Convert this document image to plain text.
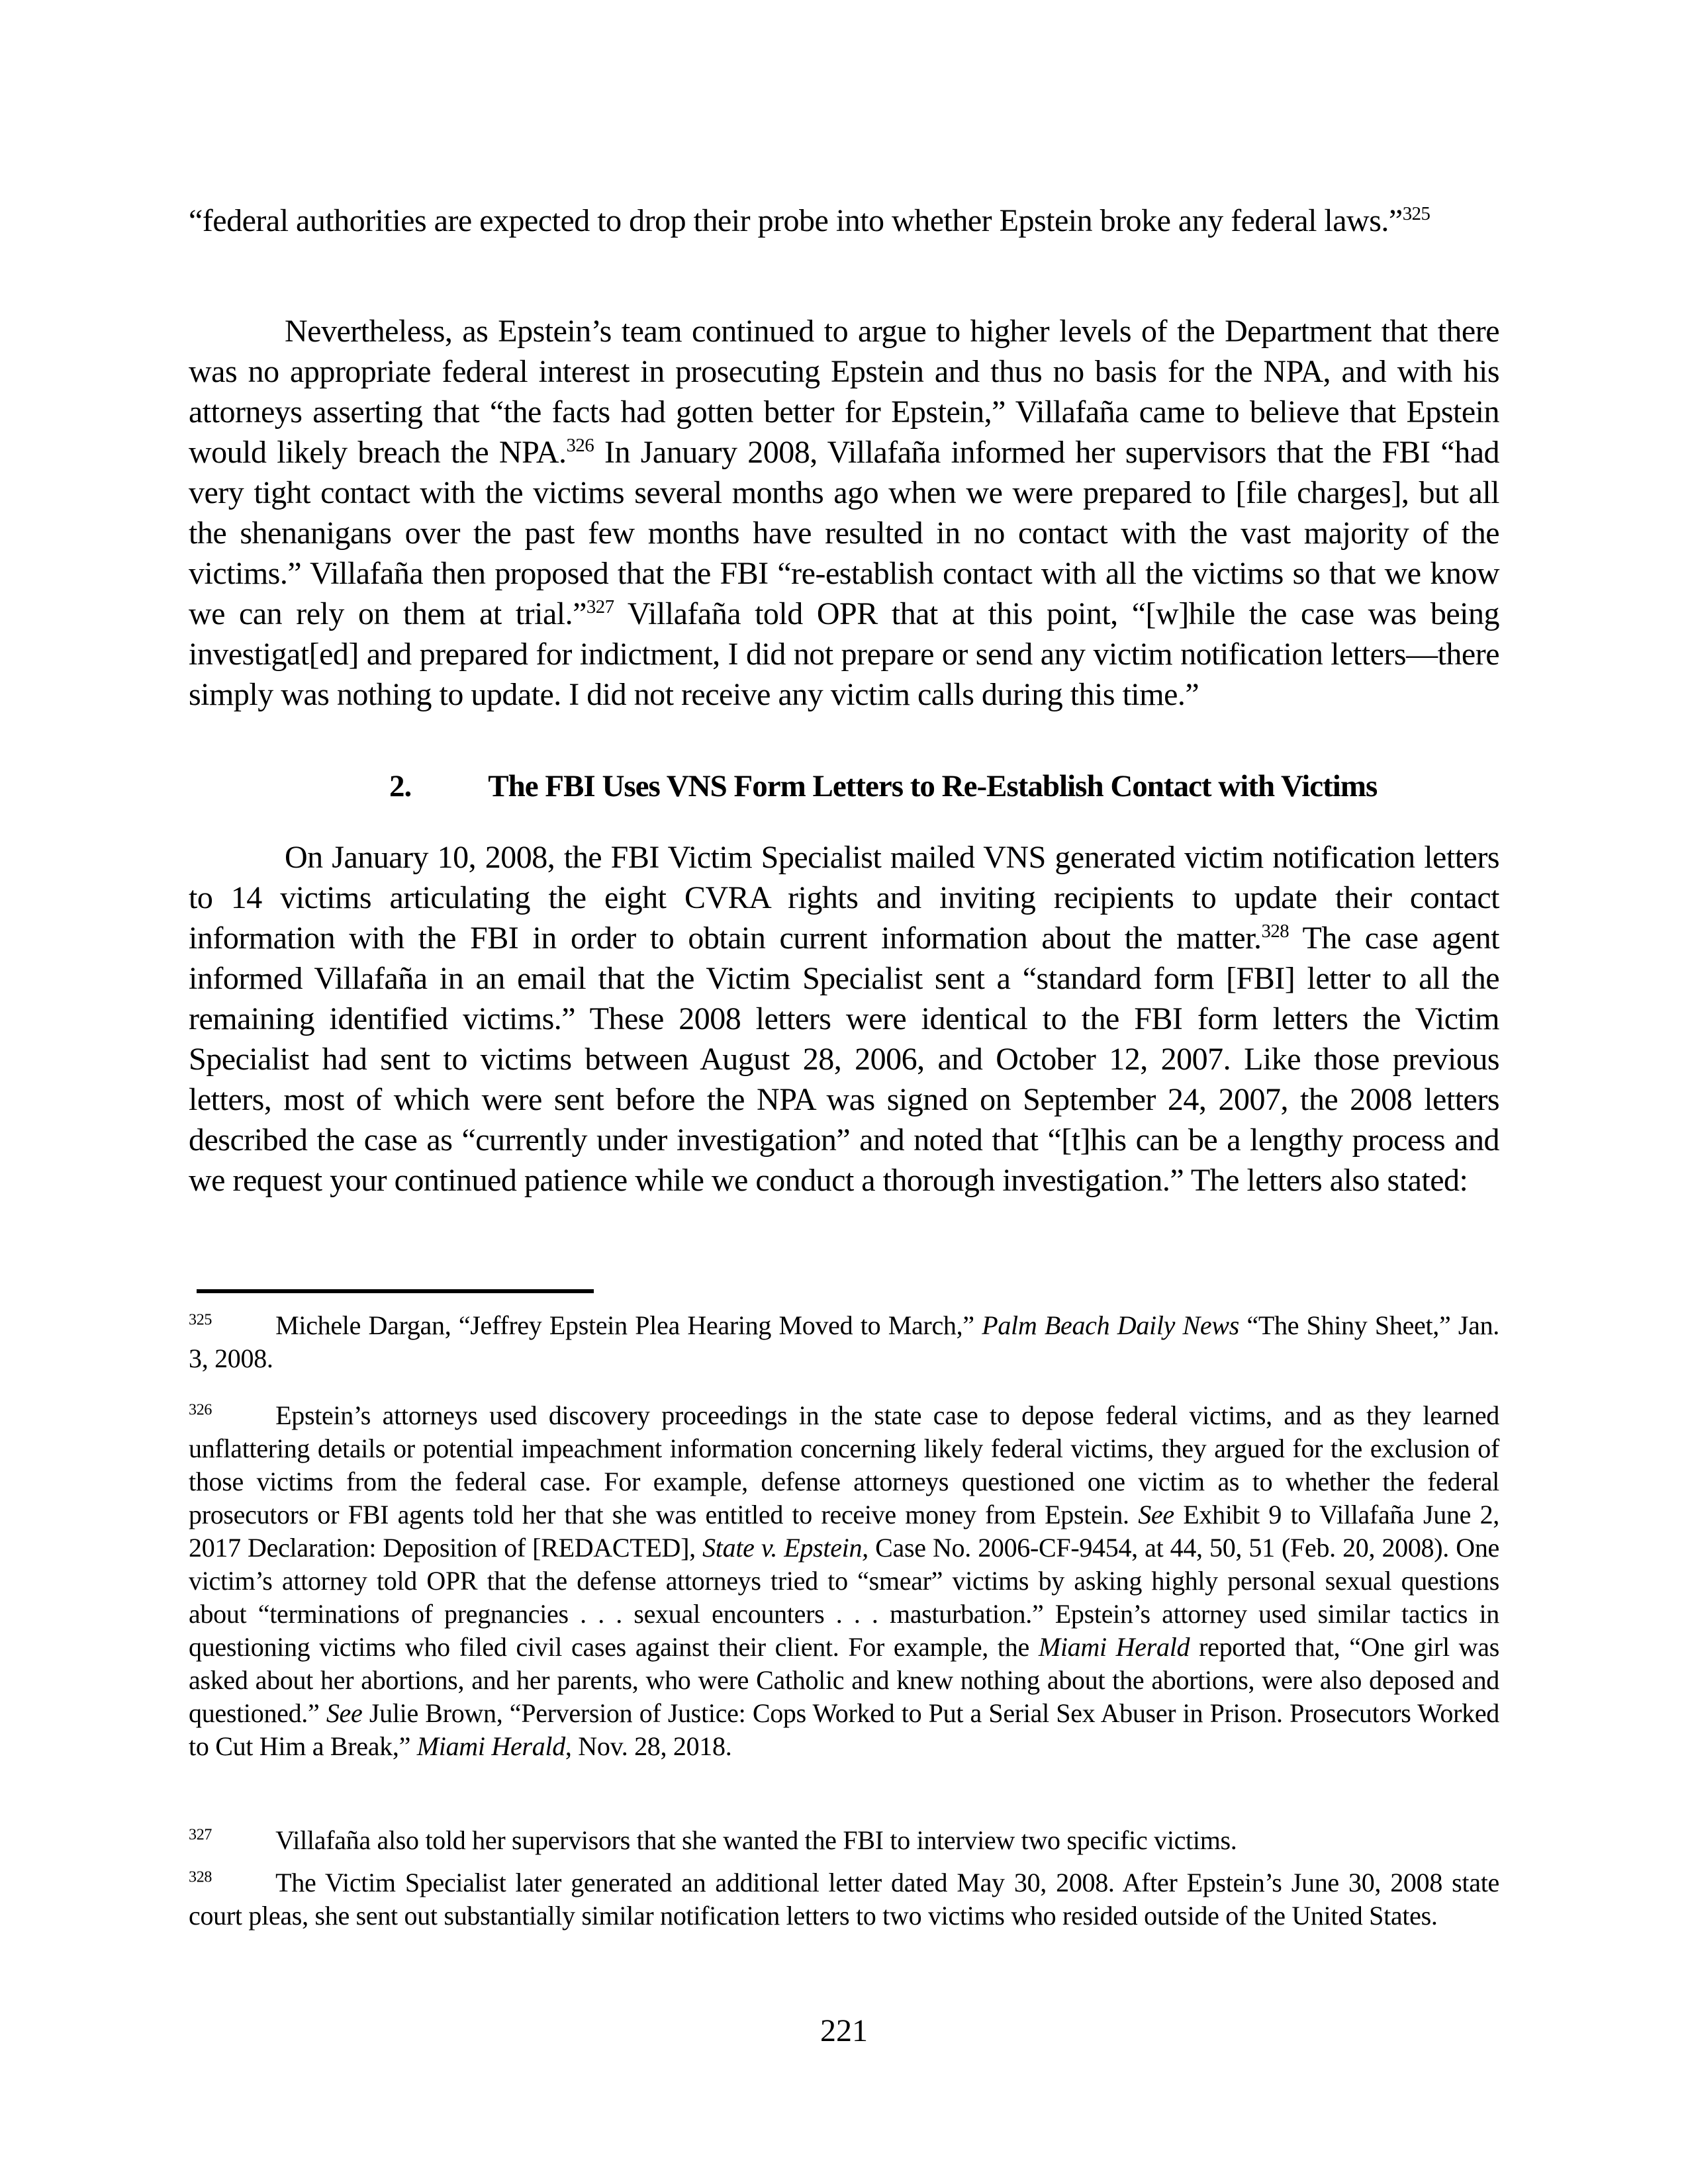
“federal authorities are expected to drop their probe into whether Epstein broke any federal laws.”$^{325}$

Nevertheless, as Epstein’s team continued to argue to higher levels of the Department that there was no appropriate federal interest in prosecuting Epstein and thus no basis for the NPA, and with his attorneys asserting that “the facts had gotten better for Epstein,” Villafaña came to believe that Epstein would likely breach the NPA.$^{326}$ In January 2008, Villafaña informed her supervisors that the FBI “had very tight contact with the victims several months ago when we were prepared to [file charges], but all the shenanigans over the past few months have resulted in no contact with the vast majority of the victims.” Villafaña then proposed that the FBI “re-establish contact with all the victims so that we know we can rely on them at trial.”$^{327}$ Villafaña told OPR that at this point, “[w]hile the case was being investigat[ed] and prepared for indictment, I did not prepare or send any victim notification letters—there simply was nothing to update. I did not receive any victim calls during this time.”

2. The FBI Uses VNS Form Letters to Re-Establish Contact with Victims

On January 10, 2008, the FBI Victim Specialist mailed VNS generated victim notification letters to 14 victims articulating the eight CVRA rights and inviting recipients to update their contact information with the FBI in order to obtain current information about the matter.$^{328}$ The case agent informed Villafaña in an email that the Victim Specialist sent a “standard form [FBI] letter to all the remaining identified victims.” These 2008 letters were identical to the FBI form letters the Victim Specialist had sent to victims between August 28, 2006, and October 12, 2007. Like those previous letters, most of which were sent before the NPA was signed on September 24, 2007, the 2008 letters described the case as “currently under investigation” and noted that “[t]his can be a lengthy process and we request your continued patience while we conduct a thorough investigation.” The letters also stated:

$^{325}$ Michele Dargan, “Jeffrey Epstein Plea Hearing Moved to March,” Palm Beach Daily News “The Shiny Sheet,” Jan. 3, 2008.
$^{326}$ Epstein’s attorneys used discovery proceedings in the state case to depose federal victims, and as they learned unflattering details or potential impeachment information concerning likely federal victims, they argued for the exclusion of those victims from the federal case. For example, defense attorneys questioned one victim as to whether the federal prosecutors or FBI agents told her that she was entitled to receive money from Epstein. See Exhibit 9 to Villafaña June 2, 2017 Declaration: Deposition of [REDACTED], State v. Epstein, Case No. 2006-CF-9454, at 44, 50, 51 (Feb. 20, 2008). One victim’s attorney told OPR that the defense attorneys tried to “smear” victims by asking highly personal sexual questions about “terminations of pregnancies . . . sexual encounters . . . masturbation.” Epstein’s attorney used similar tactics in questioning victims who filed civil cases against their client. For example, the Miami Herald reported that, “One girl was asked about her abortions, and her parents, who were Catholic and knew nothing about the abortions, were also deposed and questioned.” See Julie Brown, “Perversion of Justice: Cops Worked to Put a Serial Sex Abuser in Prison. Prosecutors Worked to Cut Him a Break,” Miami Herald, Nov. 28, 2018.
$^{327}$ Villafaña also told her supervisors that she wanted the FBI to interview two specific victims.
$^{328}$ The Victim Specialist later generated an additional letter dated May 30, 2008. After Epstein’s June 30, 2008 state court pleas, she sent out substantially similar notification letters to two victims who resided outside of the United States.
221
